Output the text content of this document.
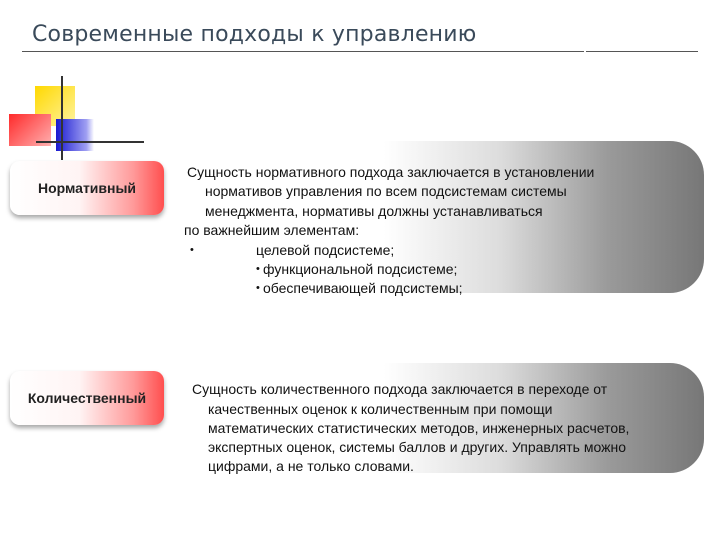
Современные подходы к управлению
Сущность нормативного подхода заключается в установлении
нормативов управления по всем подсистемам системы
менеджмента, нормативы должны устанавливаться
по важнейшим элементам:
•	целевой подсистеме;
• функциональной подсистеме;
• обеспечивающей подсистемы;
Нормативный
Сущность количественного подхода заключается в переходе от
качественных оценок к количественным при помощи
математических статистических методов, инженерных расчетов,
экспертных оценок, системы баллов и других. Управлять можно
цифрами, а не только словами.
Количественный
